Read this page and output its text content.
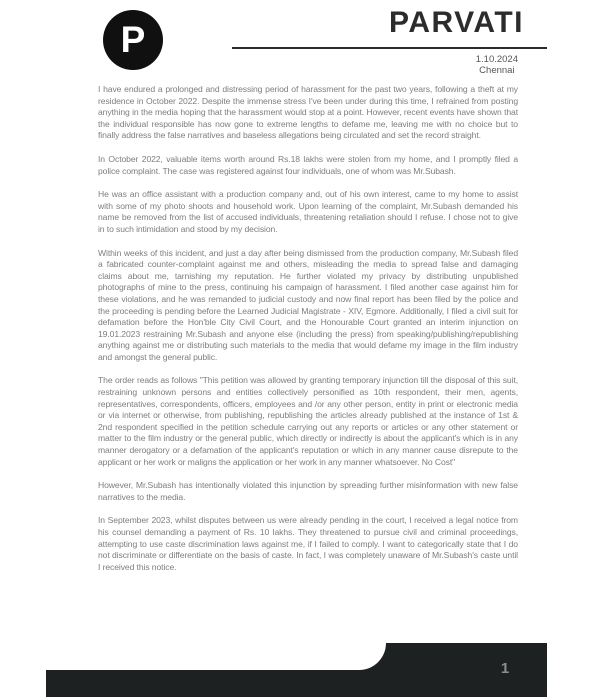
P	PARVATI
1.10.2024
Chennai

I have endured a prolonged and distressing period of harassment for the past two years, following a theft at my residence in October 2022. Despite the immense stress I've been under during this time, I refrained from posting anything in the media hoping that the harassment would stop at a point. However, recent events have shown that the individual responsible has now gone to extreme lengths to defame me, leaving me with no choice but to finally address the false narratives and baseless allegations being circulated and set the record straight.

In October 2022, valuable items worth around Rs.18 lakhs were stolen from my home, and I promptly filed a police complaint. The case was registered against four individuals, one of whom was Mr.Subash.

He was an office assistant with a production company and, out of his own interest, came to my home to assist with some of my photo shoots and household work. Upon learning of the complaint, Mr.Subash demanded his name be removed from the list of accused individuals, threatening retaliation should I refuse. I chose not to give in to such intimidation and stood by my decision.

Within weeks of this incident, and just a day after being dismissed from the production company, Mr.Subash filed a fabricated counter-complaint against me and others, misleading the media to spread false and damaging claims about me, tarnishing my reputation. He further violated my privacy by distributing unpublished photographs of mine to the press, continuing his campaign of harassment. I filed another case against him for these violations, and he was remanded to judicial custody and now final report has been filed by the police and the proceeding is pending before the Learned Judicial Magistrate - XIV, Egmore. Additionally, I filed a civil suit for defamation before the Hon'ble City Civil Court, and the Honourable Court granted an interim injunction on 19.01.2023 restraining Mr.Subash and anyone else (including the press) from speaking/publishing/republishing anything against me or distributing such materials to the media that would defame my image in the film industry and amongst the general public.

The order reads as follows "This petition was allowed by granting temporary injunction till the disposal of this suit, restraining unknown persons and entities collectively personified as 10th respondent, their men, agents, representatives, correspondents, officers, employees and /or any other person, entity in print or electronic media or via internet or otherwise, from publishing, republishing the articles already published at the instance of 1st & 2nd respondent specified in the petition schedule carrying out any reports or articles or any other statement or matter to the film industry or the general public, which directly or indirectly is about the applicant's which is in any manner derogatory or a defamation of the applicant's reputation or which in any manner cause disrepute to the applicant or her work or maligns the application or her work in any manner whatsoever. No Cost"

However, Mr.Subash has intentionally violated this injunction by spreading further misinformation with new false narratives to the media.

In September 2023, whilst disputes between us were already pending in the court, I received a legal notice from his counsel demanding a payment of Rs. 10 lakhs. They threatened to pursue civil and criminal proceedings, attempting to use caste discrimination laws against me, if I failed to comply. I want to categorically state that I do not discriminate or differentiate on the basis of caste. In fact, I was completely unaware of Mr.Subash's caste until I received this notice.

1
